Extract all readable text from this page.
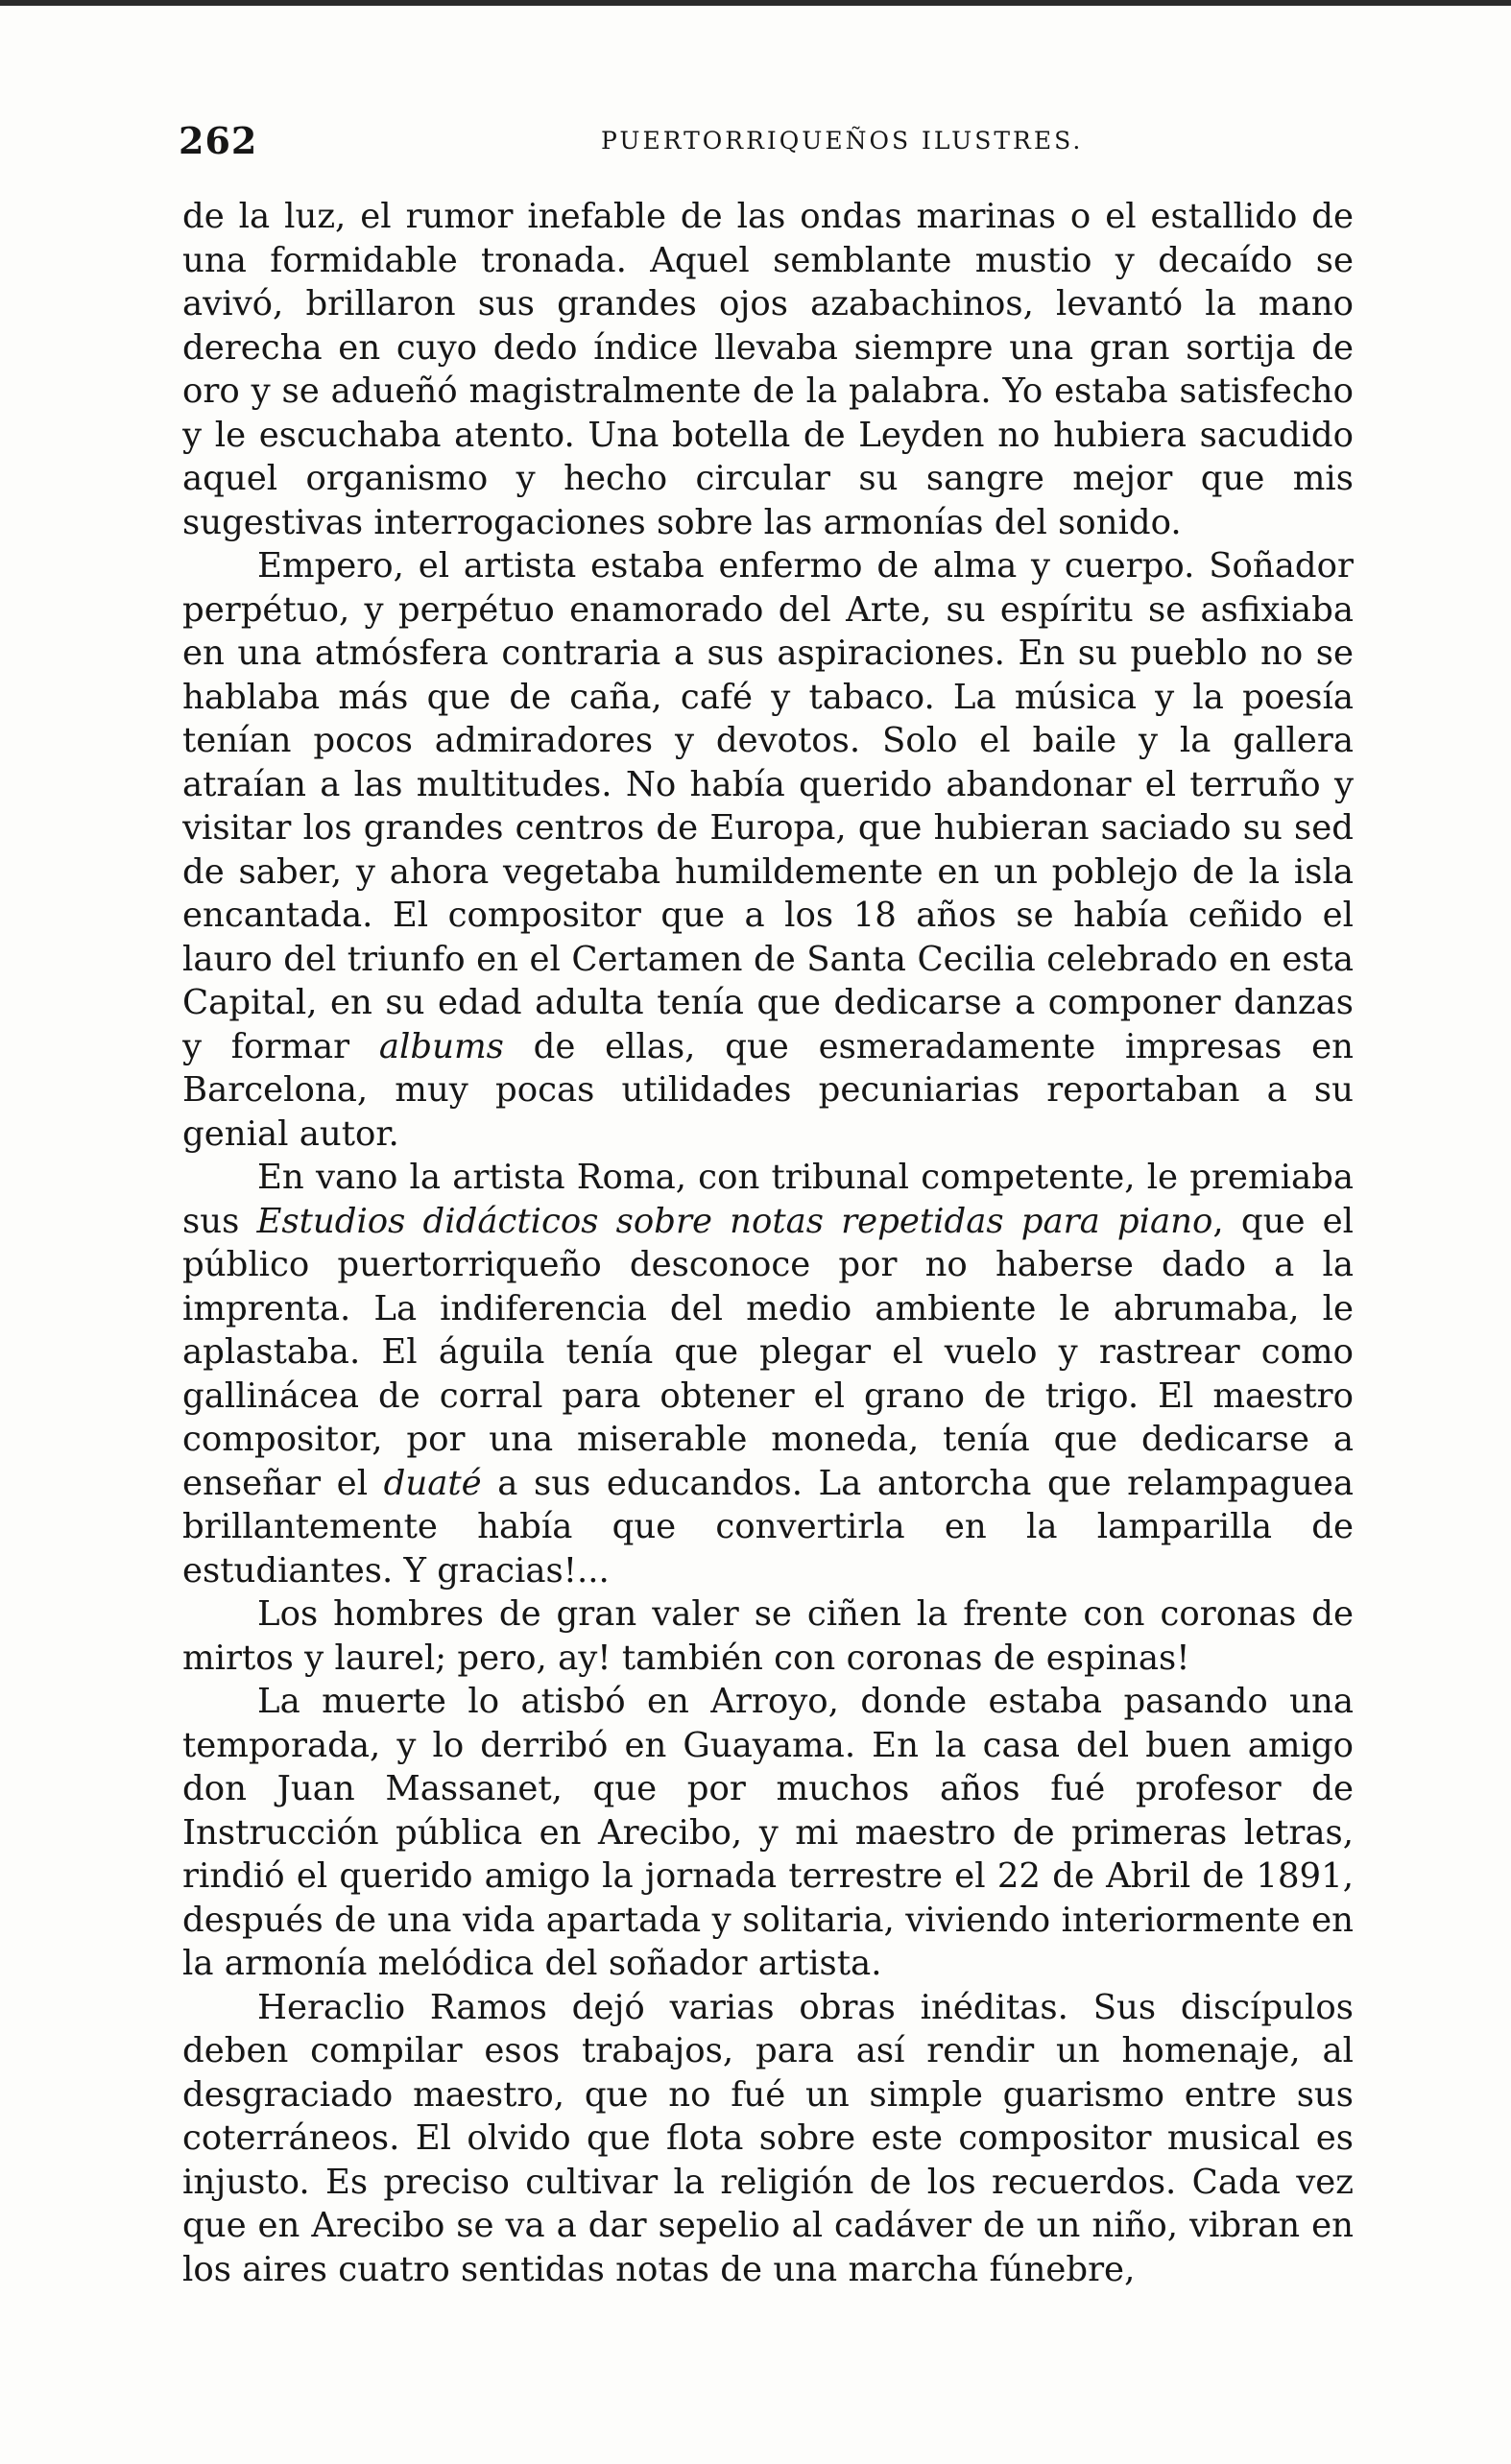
262	PUERTORRIQUEÑOS ILUSTRES.

de la luz, el rumor inefable de las ondas marinas o el estallido de una formidable tronada. Aquel semblante mustio y decaído se avivó, brillaron sus grandes ojos azabachinos, levantó la mano derecha en cuyo dedo índice llevaba siempre una gran sortija de oro y se adueñó magistralmente de la palabra. Yo estaba satisfecho y le escuchaba atento. Una botella de Leyden no hubiera sacudido aquel organismo y hecho circular su sangre mejor que mis sugestivas interrogaciones sobre las armonías del sonido.

Empero, el artista estaba enfermo de alma y cuerpo. Soñador perpétuo, y perpétuo enamorado del Arte, su espíritu se asfixiaba en una atmósfera contraria a sus aspiraciones. En su pueblo no se hablaba más que de caña, café y tabaco. La música y la poesía tenían pocos admiradores y devotos. Solo el baile y la gallera atraían a las multitudes. No había querido abandonar el terruño y visitar los grandes centros de Europa, que hubieran saciado su sed de saber, y ahora vegetaba humildemente en un poblejo de la isla encantada. El compositor que a los 18 años se había ceñido el lauro del triunfo en el Certamen de Santa Cecilia celebrado en esta Capital, en su edad adulta tenía que dedicarse a componer danzas y formar albums de ellas, que esmeradamente impresas en Barcelona, muy pocas utilidades pecuniarias reportaban a su genial autor.

En vano la artista Roma, con tribunal competente, le premiaba sus Estudios didácticos sobre notas repetidas para piano, que el público puertorriqueño desconoce por no haberse dado a la imprenta. La indiferencia del medio ambiente le abrumaba, le aplastaba. El águila tenía que plegar el vuelo y rastrear como gallinácea de corral para obtener el grano de trigo. El maestro compositor, por una miserable moneda, tenía que dedicarse a enseñar el duaté a sus educandos. La antorcha que relampaguea brillantemente había que convertirla en la lamparilla de estudiantes. Y gracias!...

Los hombres de gran valer se ciñen la frente con coronas de mirtos y laurel; pero, ay! también con coronas de espinas!

La muerte lo atisbó en Arroyo, donde estaba pasando una temporada, y lo derribó en Guayama. En la casa del buen amigo don Juan Massanet, que por muchos años fué profesor de Instrucción pública en Arecibo, y mi maestro de primeras letras, rindió el querido amigo la jornada terrestre el 22 de Abril de 1891, después de una vida apartada y solitaria, viviendo interiormente en la armonía melódica del soñador artista.

Heraclio Ramos dejó varias obras inéditas. Sus discípulos deben compilar esos trabajos, para así rendir un homenaje, al desgraciado maestro, que no fué un simple guarismo entre sus coterráneos. El olvido que flota sobre este compositor musical es injusto. Es preciso cultivar la religión de los recuerdos. Cada vez que en Arecibo se va a dar sepelio al cadáver de un niño, vibran en los aires cuatro sentidas notas de una marcha fúnebre,
